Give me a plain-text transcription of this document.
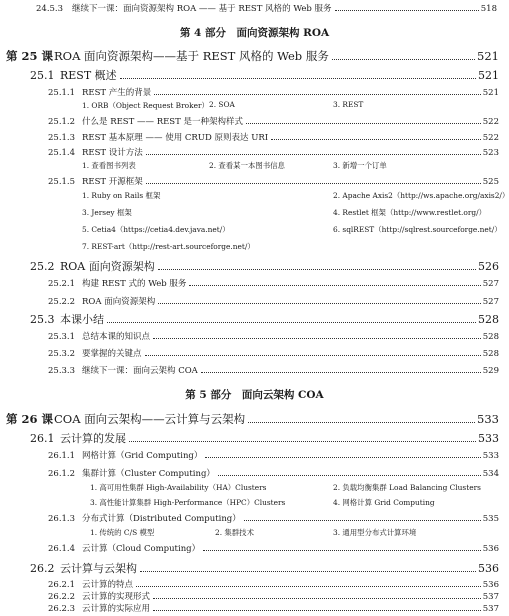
24.5.3	继续下一课：面向资源架构 ROA —— 基于 REST 风格的 Web 服务	518
第 4 部分　面向资源架构 ROA
第 25 课 ROA 面向资源架构——基于 REST 风格的 Web 服务	521
25.1 REST 概述	521
25.1.1 REST 产生的背景	521
1. ORB（Object Request Broker） 2. SOA	3. REST
25.1.2 什么是 REST —— REST 是一种架构样式	522
25.1.3 REST 基本原理 —— 使用 CRUD 原则表达 URI	522
25.1.4 REST 设计方法	523
1. 查看图书列表	2. 查看某一本图书信息	3. 新增一个订单
25.1.5 REST 开源框架	525
1. Ruby on Rails 框架	2. Apache Axis2（http://ws.apache.org/axis2/）
3. Jersey 框架	4. Restlet 框架（http://www.restlet.org/）
5. Cetia4（https://cetia4.dev.java.net/）	6. sqlREST（http://sqlrest.sourceforge.net/）
7. REST-art（http://rest-art.sourceforge.net/）
25.2 ROA 面向资源架构	526
25.2.1 构建 REST 式的 Web 服务	527
25.2.2 ROA 面向资源架构	527
25.3 本课小结	528
25.3.1 总结本课的知识点	528
25.3.2 要掌握的关键点	528
25.3.3 继续下一课：面向云架构 COA	529
第 5 部分　面向云架构 COA
第 26 课 COA 面向云架构——云计算与云架构	533
26.1 云计算的发展	533
26.1.1 网格计算（Grid Computing）	533
26.1.2 集群计算（Cluster Computing）	534
1. 高可用性集群 High-Availability（HA）Clusters	2. 负载均衡集群 Load Balancing Clusters
3. 高性能计算集群 High-Performance（HPC）Clusters	4. 网格计算 Grid Computing
26.1.3 分布式计算（Distributed Computing）	535
1. 传统的 C/S 模型	2. 集群技术	3. 通用型分布式计算环境
26.1.4 云计算（Cloud Computing）	536
26.2 云计算与云架构	536
26.2.1 云计算的特点	536
26.2.2 云计算的实现形式	537
26.2.3 云计算的实际应用	537
